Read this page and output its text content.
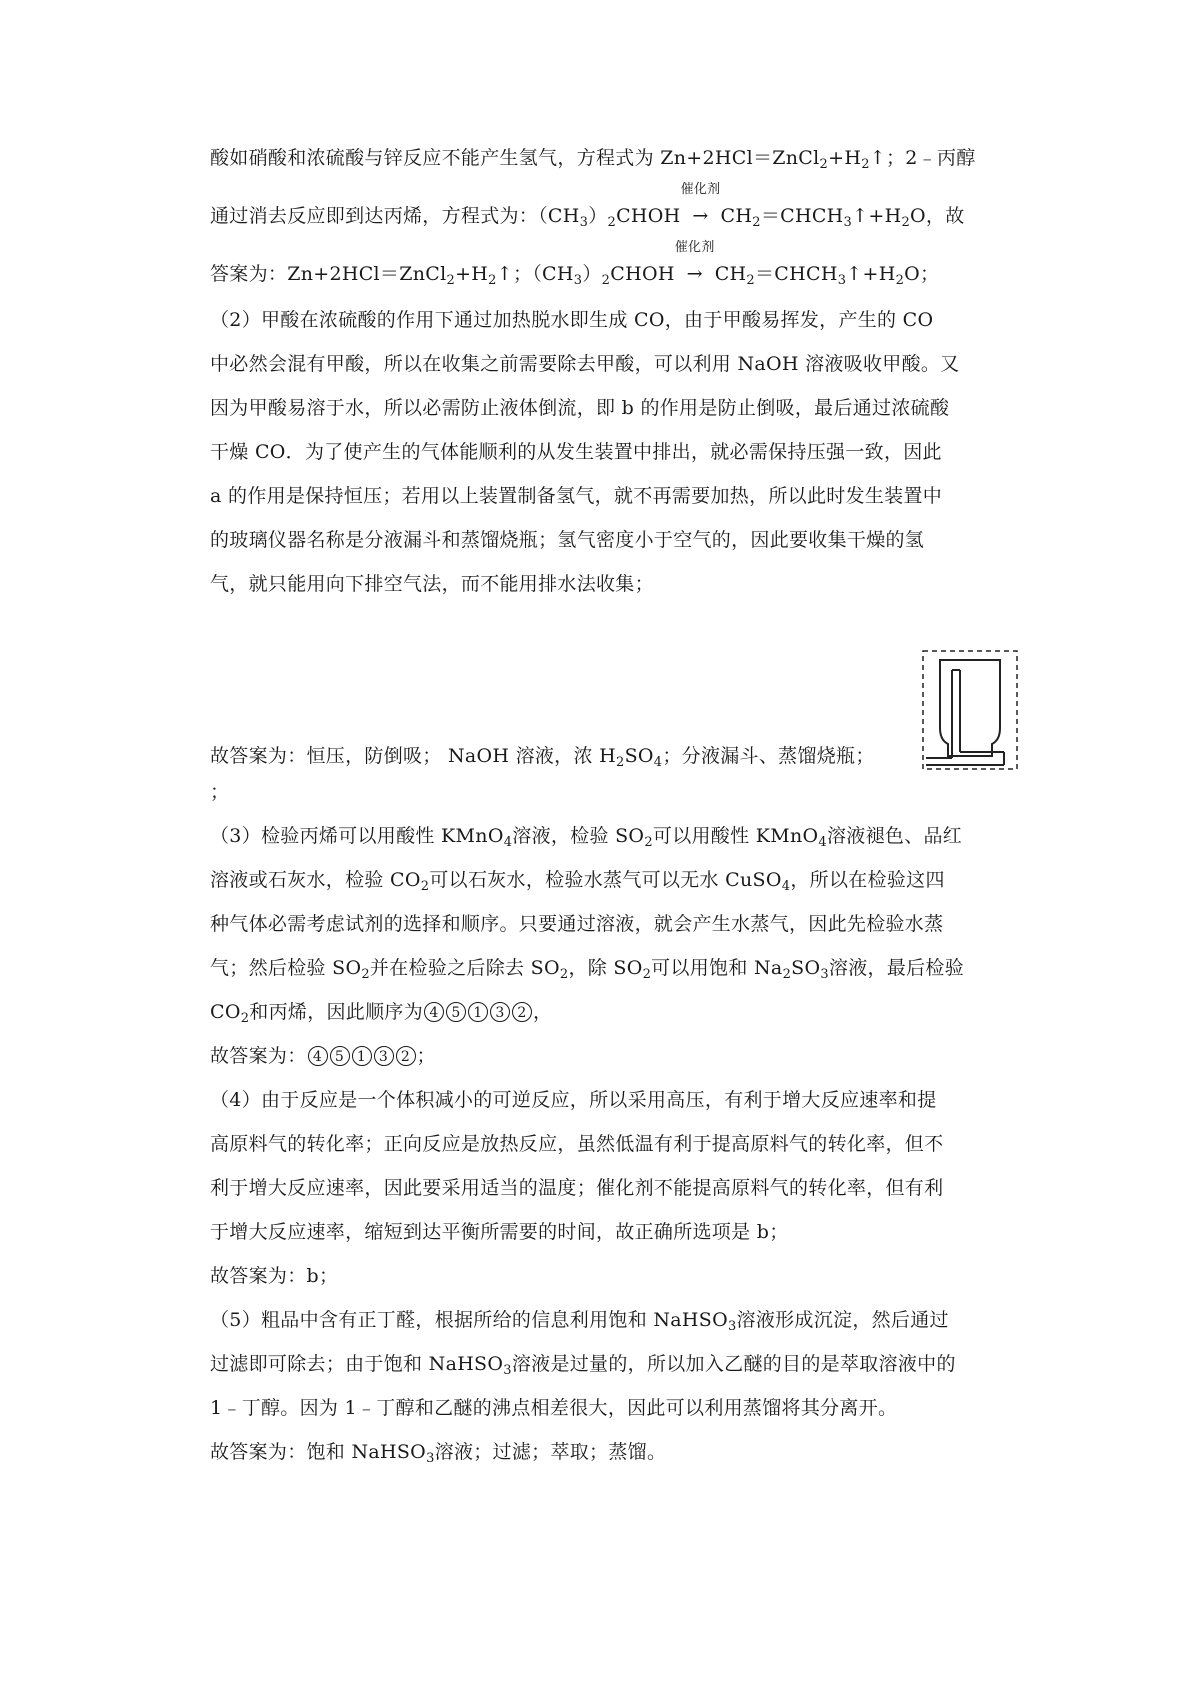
酸如硝酸和浓硫酸与锌反应不能产生氢气，方程式为 $Zn+2HCl=ZnCl_2+H_2↑$；2﹣丙醇
通过消去反应即到达丙烯，方程式为：$(CH_3)_2CHOH$
催化剂
→ $CH_2=CHCH_3↑+H_2O$，故
答案为：$Zn+2HCl=ZnCl_2+H_2↑$；$(CH_3)_2CHOH$
催化剂
→ $CH_2=CHCH_3↑+H_2O$；
（2）甲酸在浓硫酸的作用下通过加热脱水即生成 CO，由于甲酸易挥发，产生的 CO
中必然会混有甲酸，所以在收集之前需要除去甲酸，可以利用 NaOH 溶液吸收甲酸。又
因为甲酸易溶于水，所以必需防止液体倒流，即 b 的作用是防止倒吸，最后通过浓硫酸
干燥 CO．为了使产生的气体能顺利的从发生装置中排出，就必需保持压强一致，因此
a 的作用是保持恒压；若用以上装置制备氢气，就不再需要加热，所以此时发生装置中
的玻璃仪器名称是分液漏斗和蒸馏烧瓶；氢气密度小于空气的，因此要收集干燥的氢
气，就只能用向下排空气法，而不能用排水法收集；
故答案为：恒压，防倒吸； NaOH 溶液，浓 $H_2SO_4$；分液漏斗、蒸馏烧瓶；
；
（3）检验丙烯可以用酸性 KMnO$_4$溶液，检验 $SO_2$可以用酸性 KMnO$_4$溶液褪色、品红
溶液或石灰水，检验 $CO_2$可以石灰水，检验水蒸气可以无水 CuSO$_4$，所以在检验这四
种气体必需考虑试剂的选择和顺序。只要通过溶液，就会产生水蒸气，因此先检验水蒸
气；然后检验 $SO_2$并在检验之后除去 $SO_2$，除 $SO_2$可以用饱和 $Na_2SO_3$溶液，最后检验
$CO_2$和丙烯，因此顺序为 4 5 1 3 2 ，
故答案为： 4 5 1 3 2 ；
（4）由于反应是一个体积减小的可逆反应，所以采用高压，有利于增大反应速率和提
高原料气的转化率；正向反应是放热反应，虽然低温有利于提高原料气的转化率，但不
利于增大反应速率，因此要采用适当的温度；催化剂不能提高原料气的转化率，但有利
于增大反应速率，缩短到达平衡所需要的时间，故正确所选项是 b；
故答案为：b；
（5）粗品中含有正丁醛，根据所给的信息利用饱和 NaHSO$_3$溶液形成沉淀，然后通过
过滤即可除去；由于饱和 NaHSO$_3$溶液是过量的，所以加入乙醚的目的是萃取溶液中的
1﹣丁醇。因为 1﹣丁醇和乙醚的沸点相差很大，因此可以利用蒸馏将其分离开。
故答案为：饱和 NaHSO$_3$溶液；过滤；萃取；蒸馏。
